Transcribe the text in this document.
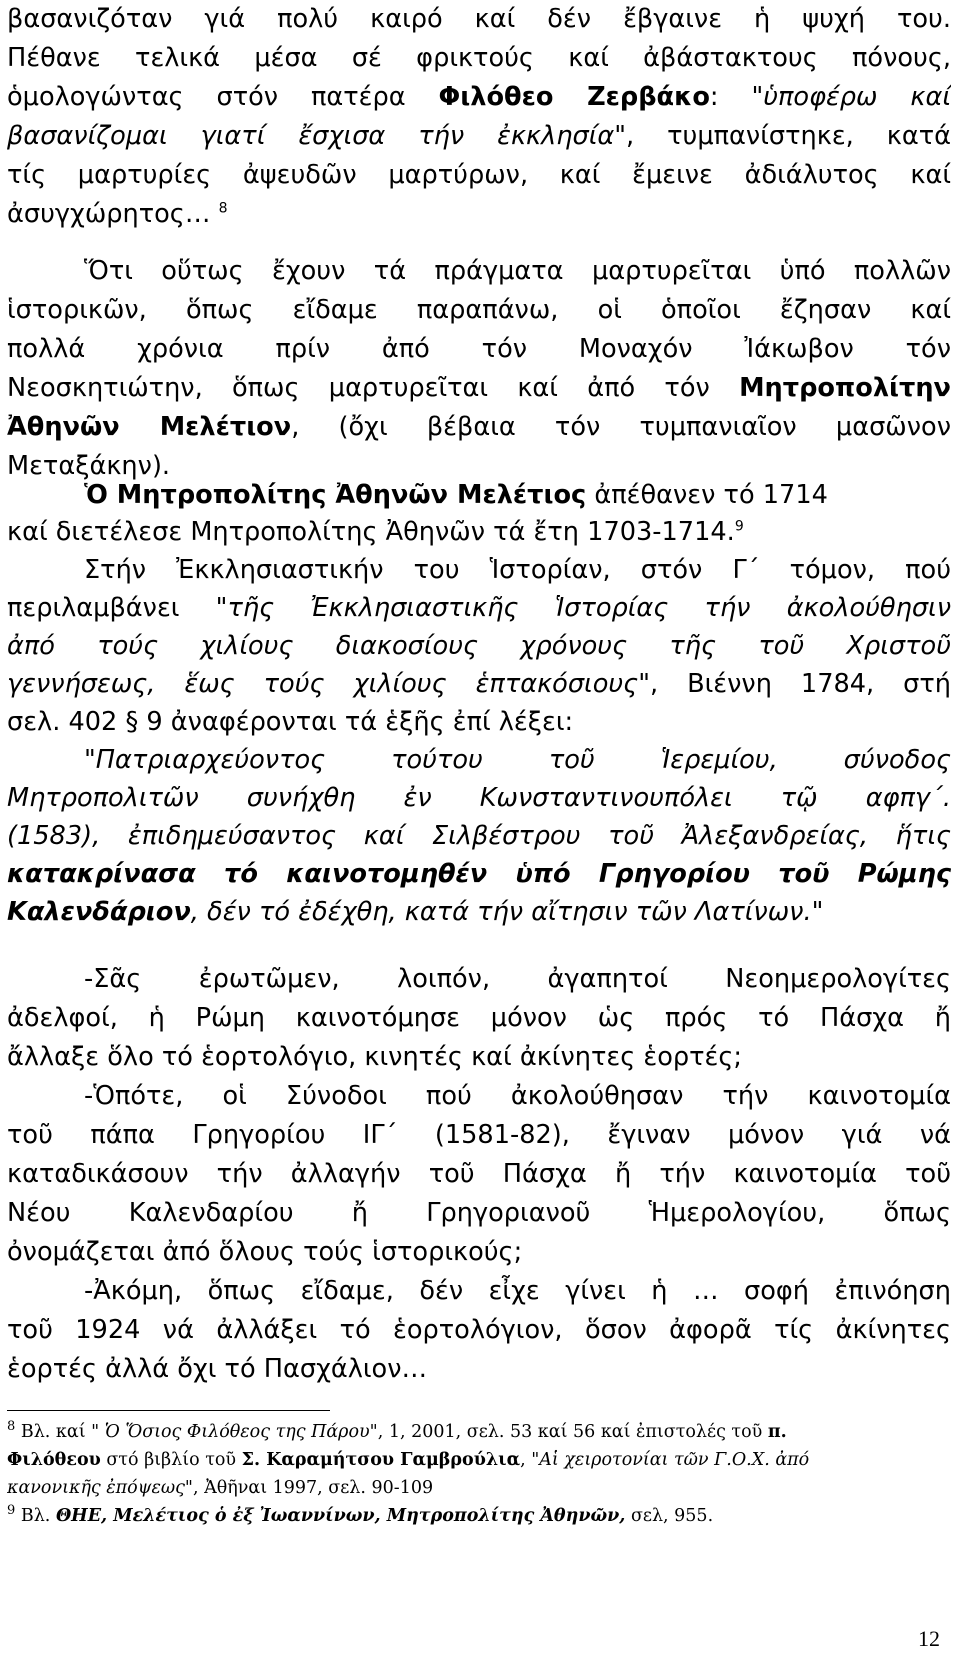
βασανιζόταν γιά πολύ καιρό καί δέν ἔβγαινε ἡ ψυχή του.
Πέθανε τελικά μέσα σέ φρικτούς καί ἀβάστακτους πόνους,
ὁμολογώντας στόν πατέρα Φιλόθεο Ζερβάκο: "ὑποφέρω καί
βασανίζομαι γιατί ἔσχισα τήν ἐκκλησία", τυμπανίστηκε, κατά
τίς μαρτυρίες ἀψευδῶν μαρτύρων, καί ἔμεινε ἀδιάλυτος καί
ἀσυγχώρητος… $^8$
Ὅτι οὕτως ἔχουν τά πράγματα μαρτυρεῖται ὑπό πολλῶν
ἱστορικῶν, ὅπως εἴδαμε παραπάνω, οἱ ὁποῖοι ἔζησαν καί
πολλά χρόνια πρίν ἀπό τόν Μοναχόν Ἰάκωβον τόν
Νεοσκητιώτην, ὅπως μαρτυρεῖται καί ἀπό τόν Μητροπολίτην
Ἀθηνῶν Μελέτιον, (ὄχι βέβαια τόν τυμπανιαῖον μασῶνον
Μεταξάκην).
Ὁ Μητροπολίτης Ἀθηνῶν Μελέτιος ἀπέθανεν τό 1714
καί διετέλεσε Μητροπολίτης Ἀθηνῶν τά ἔτη 1703-1714.$^9$
Στήν Ἐκκλησιαστικήν του Ἱστορίαν, στόν Γ΄ τόμον, πού
περιλαμβάνει "τῆς Ἐκκλησιαστικῆς Ἱστορίας τήν ἀκολούθησιν
ἀπό τούς χιλίους διακοσίους χρόνους τῆς τοῦ Χριστοῦ
γεννήσεως, ἕως τούς χιλίους ἑπτακόσιους", Βιέννη 1784, στή
σελ. 402 § 9 ἀναφέρονται τά ἑξῆς ἐπί λέξει:
"Πατριαρχεύοντος τούτου τοῦ Ἱερεμίου, σύνοδος
Μητροπολιτῶν συνήχθη ἐν Κωνσταντινουπόλει τῷ αφπγ΄.
(1583), ἐπιδημεύσαντος καί Σιλβέστρου τοῦ Ἀλεξανδρείας, ἥτις
κατακρίνασα τό καινοτομηθέν ὑπό Γρηγορίου τοῦ Ρώμης
Καλενδάριον, δέν τό ἐδέχθη, κατά τήν αἴτησιν τῶν Λατίνων."
-Σᾶς ἐρωτῶμεν, λοιπόν, ἀγαπητοί Νεοημερολογίτες
ἀδελφοί, ἡ Ρώμη καινοτόμησε μόνον ὡς πρός τό Πάσχα ἤ
ἄλλαξε ὅλο τό ἑορτολόγιο, κινητές καί ἀκίνητες ἑορτές;
-Ὁπότε, οἱ Σύνοδοι πού ἀκολούθησαν τήν καινοτομία
τοῦ πάπα Γρηγορίου ΙΓ΄ (1581-82), ἔγιναν μόνον γιά νά
καταδικάσουν τήν ἀλλαγήν τοῦ Πάσχα ἤ τήν καινοτομία τοῦ
Νέου Καλενδαρίου ἤ Γρηγοριανοῦ Ἡμερολογίου, ὅπως
ὀνομάζεται ἀπό ὅλους τούς ἱστορικούς;
-Ἀκόμη, ὅπως εἴδαμε, δέν εἶχε γίνει ἡ … σοφή ἐπινόηση
τοῦ 1924 νά ἀλλάξει τό ἑορτολόγιον, ὅσον ἀφορᾶ τίς ἀκίνητες
ἑορτές ἀλλά ὄχι τό Πασχάλιον…
$^8$ Βλ. καί " Ὁ Ὅσιος Φιλόθεος της Πάρου", 1, 2001, σελ. 53 καί 56 καί ἐπιστολές τοῦ π.
Φιλόθεου στό βιβλίο τοῦ Σ. Καραμήτσου Γαμβρούλια, "Αἱ χειροτονίαι τῶν Γ.Ο.Χ. ἀπό
κανονικῆς ἐπόψεως", Ἀθῆναι 1997, σελ. 90-109
$^9$ Βλ. ΘΗΕ, Μελέτιος ὁ ἐξ Ἰωαννίνων, Μητροπολίτης Ἀθηνῶν, σελ, 955.
12
